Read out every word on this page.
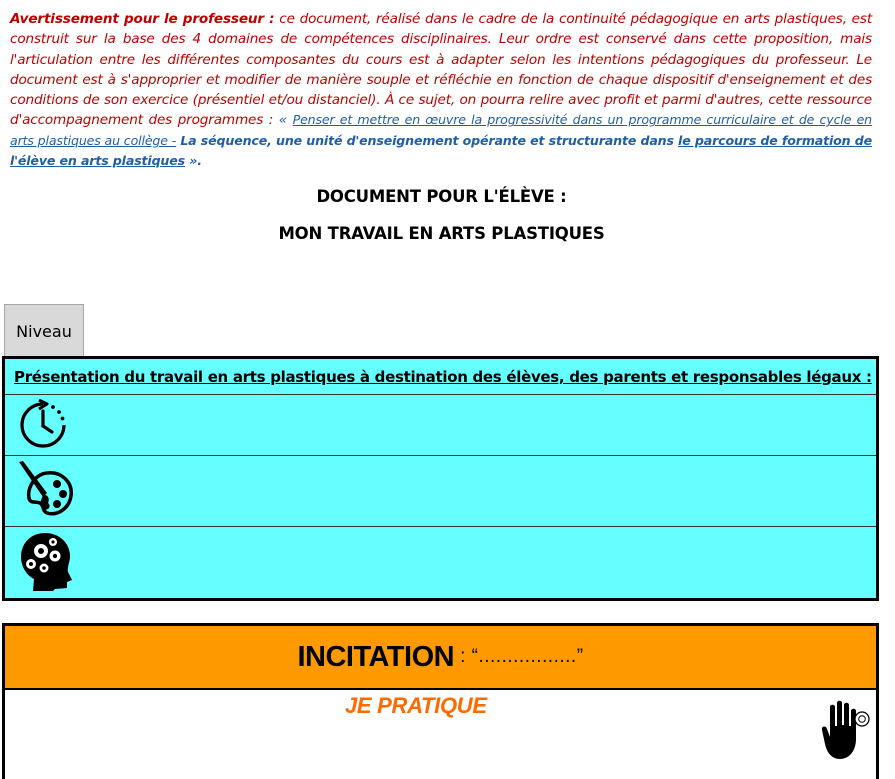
Avertissement pour le professeur : ce document, réalisé dans le cadre de la continuité pédagogique en arts plastiques, est construit sur la base des 4 domaines de compétences disciplinaires. Leur ordre est conservé dans cette proposition, mais l'articulation entre les différentes composantes du cours est à adapter selon les intentions pédagogiques du professeur. Le document est à s'approprier et modifier de manière souple et réfléchie en fonction de chaque dispositif d'enseignement et des conditions de son exercice (présentiel et/ou distanciel). À ce sujet, on pourra relire avec profit et parmi d'autres, cette ressource d'accompagnement des programmes : « Penser et mettre en œuvre la progressivité dans un programme curriculaire et de cycle en arts plastiques au collège - La séquence, une unité d'enseignement opérante et structurante dans le parcours de formation de l'élève en arts plastiques ».
DOCUMENT POUR L'ÉLÈVE :
MON TRAVAIL EN ARTS PLASTIQUES
Niveau
Présentation du travail en arts plastiques à destination des élèves, des parents et responsables légaux :
INCITATION : “.................”
JE PRATIQUE
